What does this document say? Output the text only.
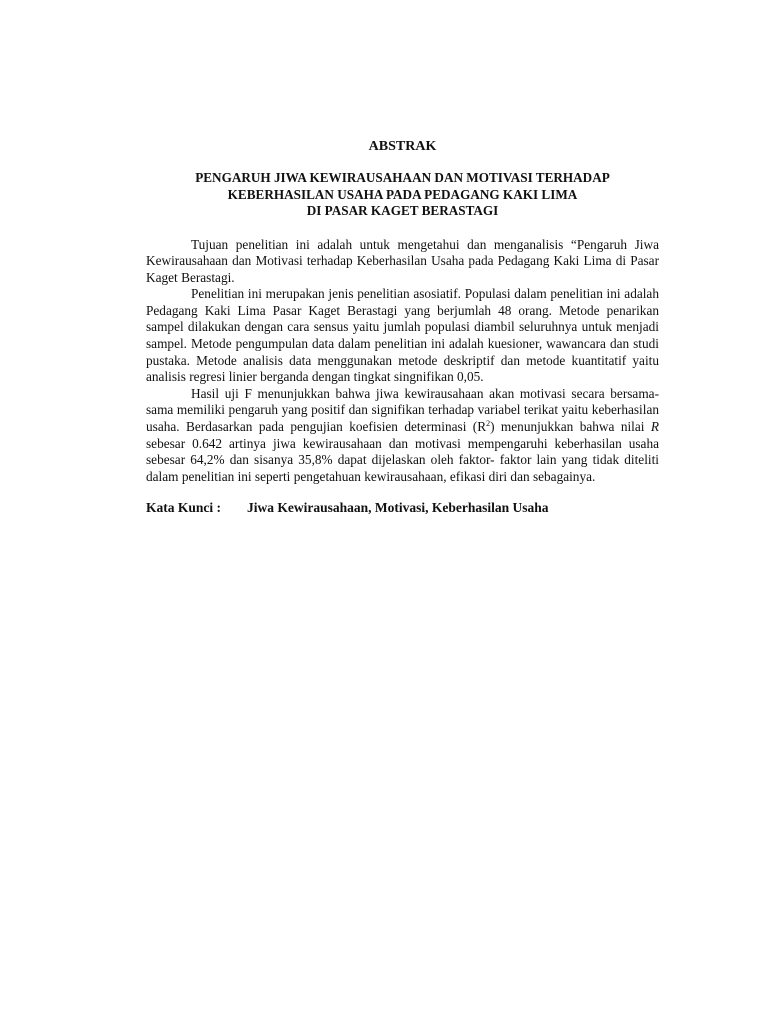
ABSTRAK
PENGARUH JIWA KEWIRAUSAHAAN DAN MOTIVASI TERHADAP
KEBERHASILAN USAHA PADA PEDAGANG KAKI LIMA
DI PASAR KAGET BERASTAGI

Tujuan penelitian ini adalah untuk mengetahui dan menganalisis “Pengaruh Jiwa Kewirausahaan dan Motivasi terhadap Keberhasilan Usaha pada Pedagang Kaki Lima di Pasar Kaget Berastagi.

Penelitian ini merupakan jenis penelitian asosiatif. Populasi dalam penelitian ini adalah Pedagang Kaki Lima Pasar Kaget Berastagi yang berjumlah 48 orang. Metode penarikan sampel dilakukan dengan cara sensus yaitu jumlah populasi diambil seluruhnya untuk menjadi sampel. Metode pengumpulan data dalam penelitian ini adalah kuesioner, wawancara dan studi pustaka. Metode analisis data menggunakan metode deskriptif dan metode kuantitatif yaitu analisis regresi linier berganda dengan tingkat singnifikan 0,05.

Hasil uji F menunjukkan bahwa jiwa kewirausahaan akan motivasi secara bersama-sama memiliki pengaruh yang positif dan signifikan terhadap variabel terikat yaitu keberhasilan usaha. Berdasarkan pada pengujian koefisien determinasi $(R^2)$ menunjukkan bahwa nilai R sebesar 0.642 artinya jiwa kewirausahaan dan motivasi mempengaruhi keberhasilan usaha sebesar 64,2% dan sisanya 35,8% dapat dijelaskan oleh faktor- faktor lain yang tidak diteliti dalam penelitian ini seperti pengetahuan kewirausahaan, efikasi diri dan sebagainya.

Kata Kunci : Jiwa Kewirausahaan, Motivasi, Keberhasilan Usaha
